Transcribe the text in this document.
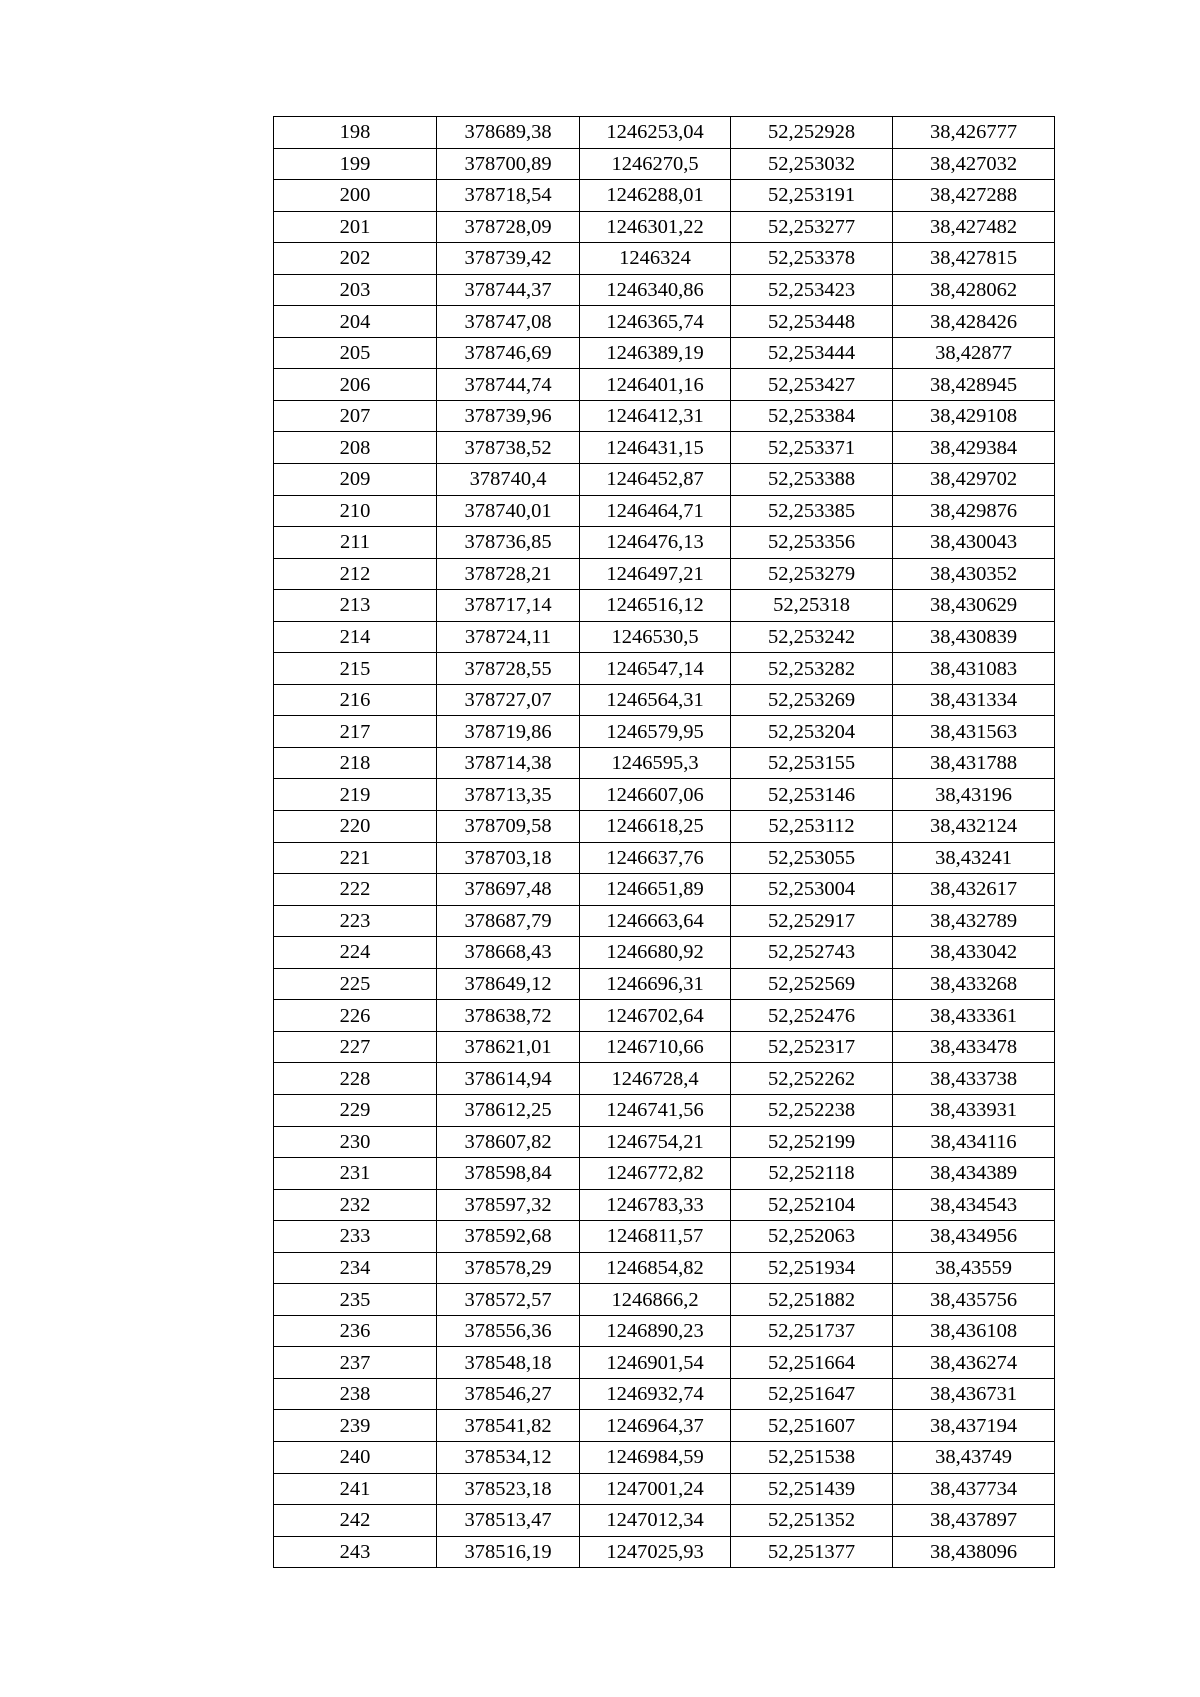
198	378689,38	1246253,04	52,252928	38,426777
199	378700,89	1246270,5	52,253032	38,427032
200	378718,54	1246288,01	52,253191	38,427288
201	378728,09	1246301,22	52,253277	38,427482
202	378739,42	1246324	52,253378	38,427815
203	378744,37	1246340,86	52,253423	38,428062
204	378747,08	1246365,74	52,253448	38,428426
205	378746,69	1246389,19	52,253444	38,42877
206	378744,74	1246401,16	52,253427	38,428945
207	378739,96	1246412,31	52,253384	38,429108
208	378738,52	1246431,15	52,253371	38,429384
209	378740,4	1246452,87	52,253388	38,429702
210	378740,01	1246464,71	52,253385	38,429876
211	378736,85	1246476,13	52,253356	38,430043
212	378728,21	1246497,21	52,253279	38,430352
213	378717,14	1246516,12	52,25318	38,430629
214	378724,11	1246530,5	52,253242	38,430839
215	378728,55	1246547,14	52,253282	38,431083
216	378727,07	1246564,31	52,253269	38,431334
217	378719,86	1246579,95	52,253204	38,431563
218	378714,38	1246595,3	52,253155	38,431788
219	378713,35	1246607,06	52,253146	38,43196
220	378709,58	1246618,25	52,253112	38,432124
221	378703,18	1246637,76	52,253055	38,43241
222	378697,48	1246651,89	52,253004	38,432617
223	378687,79	1246663,64	52,252917	38,432789
224	378668,43	1246680,92	52,252743	38,433042
225	378649,12	1246696,31	52,252569	38,433268
226	378638,72	1246702,64	52,252476	38,433361
227	378621,01	1246710,66	52,252317	38,433478
228	378614,94	1246728,4	52,252262	38,433738
229	378612,25	1246741,56	52,252238	38,433931
230	378607,82	1246754,21	52,252199	38,434116
231	378598,84	1246772,82	52,252118	38,434389
232	378597,32	1246783,33	52,252104	38,434543
233	378592,68	1246811,57	52,252063	38,434956
234	378578,29	1246854,82	52,251934	38,43559
235	378572,57	1246866,2	52,251882	38,435756
236	378556,36	1246890,23	52,251737	38,436108
237	378548,18	1246901,54	52,251664	38,436274
238	378546,27	1246932,74	52,251647	38,436731
239	378541,82	1246964,37	52,251607	38,437194
240	378534,12	1246984,59	52,251538	38,43749
241	378523,18	1247001,24	52,251439	38,437734
242	378513,47	1247012,34	52,251352	38,437897
243	378516,19	1247025,93	52,251377	38,438096
